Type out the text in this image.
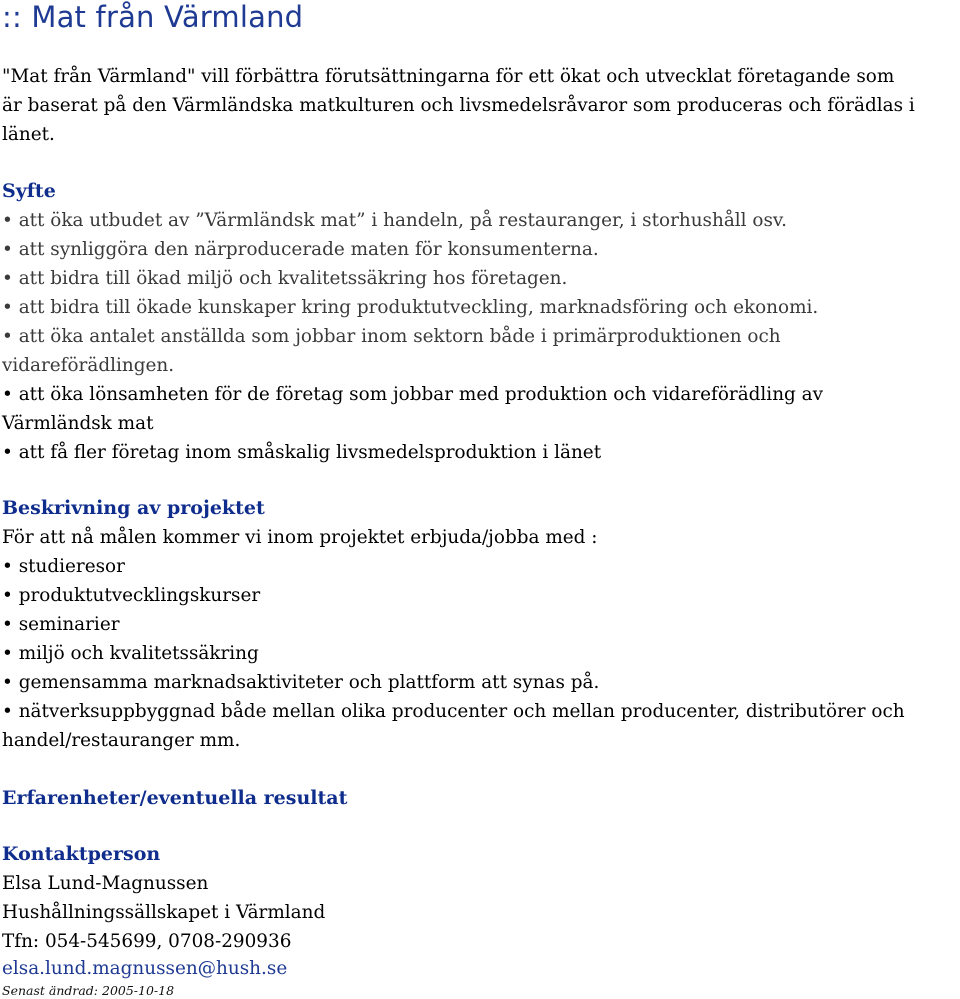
:: Mat från Värmland
"Mat från Värmland" vill förbättra förutsättningarna för ett ökat och utvecklat företagande som
är baserat på den Värmländska matkulturen och livsmedelsråvaror som produceras och förädlas i
länet.
Syfte
• att öka utbudet av ”Värmländsk mat” i handeln, på restauranger, i storhushåll osv.
• att synliggöra den närproducerade maten för konsumenterna.
• att bidra till ökad miljö och kvalitetssäkring hos företagen.
• att bidra till ökade kunskaper kring produktutveckling, marknadsföring och ekonomi.
• att öka antalet anställda som jobbar inom sektorn både i primärproduktionen och
vidareförädlingen.
• att öka lönsamheten för de företag som jobbar med produktion och vidareförädling av
Värmländsk mat
• att få fler företag inom småskalig livsmedelsproduktion i länet
Beskrivning av projektet
För att nå målen kommer vi inom projektet erbjuda/jobba med :
• studieresor
• produktutvecklingskurser
• seminarier
• miljö och kvalitetssäkring
• gemensamma marknadsaktiviteter och plattform att synas på.
• nätverksuppbyggnad både mellan olika producenter och mellan producenter, distributörer och
handel/restauranger mm.
Erfarenheter/eventuella resultat
Kontaktperson
Elsa Lund-Magnussen
Hushållningssällskapet i Värmland
Tfn: 054-545699, 0708-290936
elsa.lund.magnussen@hush.se
Senast ändrad: 2005-10-18
